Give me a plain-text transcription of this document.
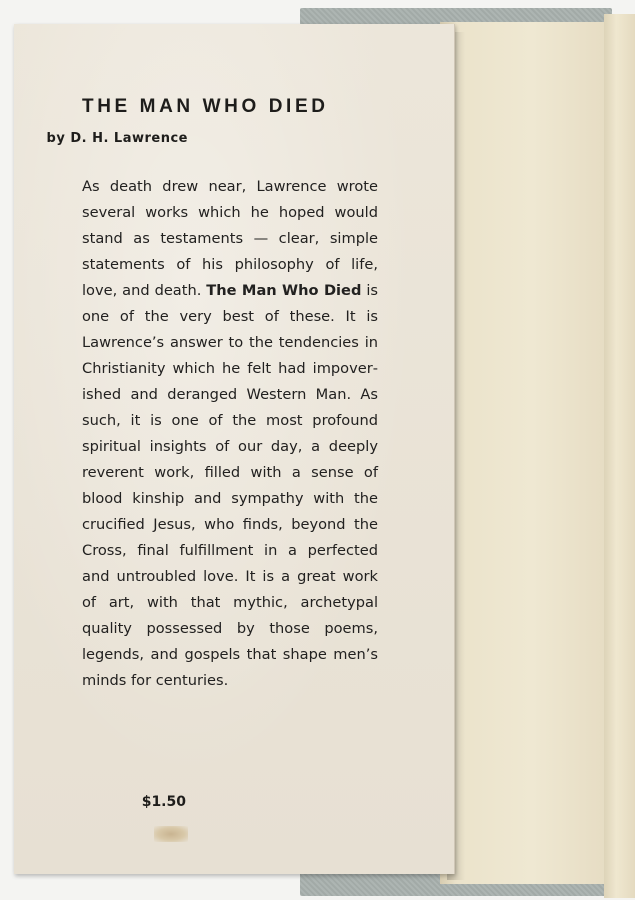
THE MAN WHO DIED

by D. H. Lawrence

As death drew near, Lawrence wrote several works which he hoped would stand as testaments — clear, simple statements of his philosophy of life, love, and death. The Man Who Died is one of the very best of these. It is Lawrence’s answer to the tendencies in Christianity which he felt had impoverished and deranged Western Man. As such, it is one of the most profound spiritual insights of our day, a deeply reverent work, filled with a sense of blood kinship and sympathy with the crucified Jesus, who finds, beyond the Cross, final fulfillment in a perfected and untroubled love. It is a great work of art, with that mythic, archetypal quality possessed by those poems, legends, and gospels that shape men’s minds for centuries.

$1.50
